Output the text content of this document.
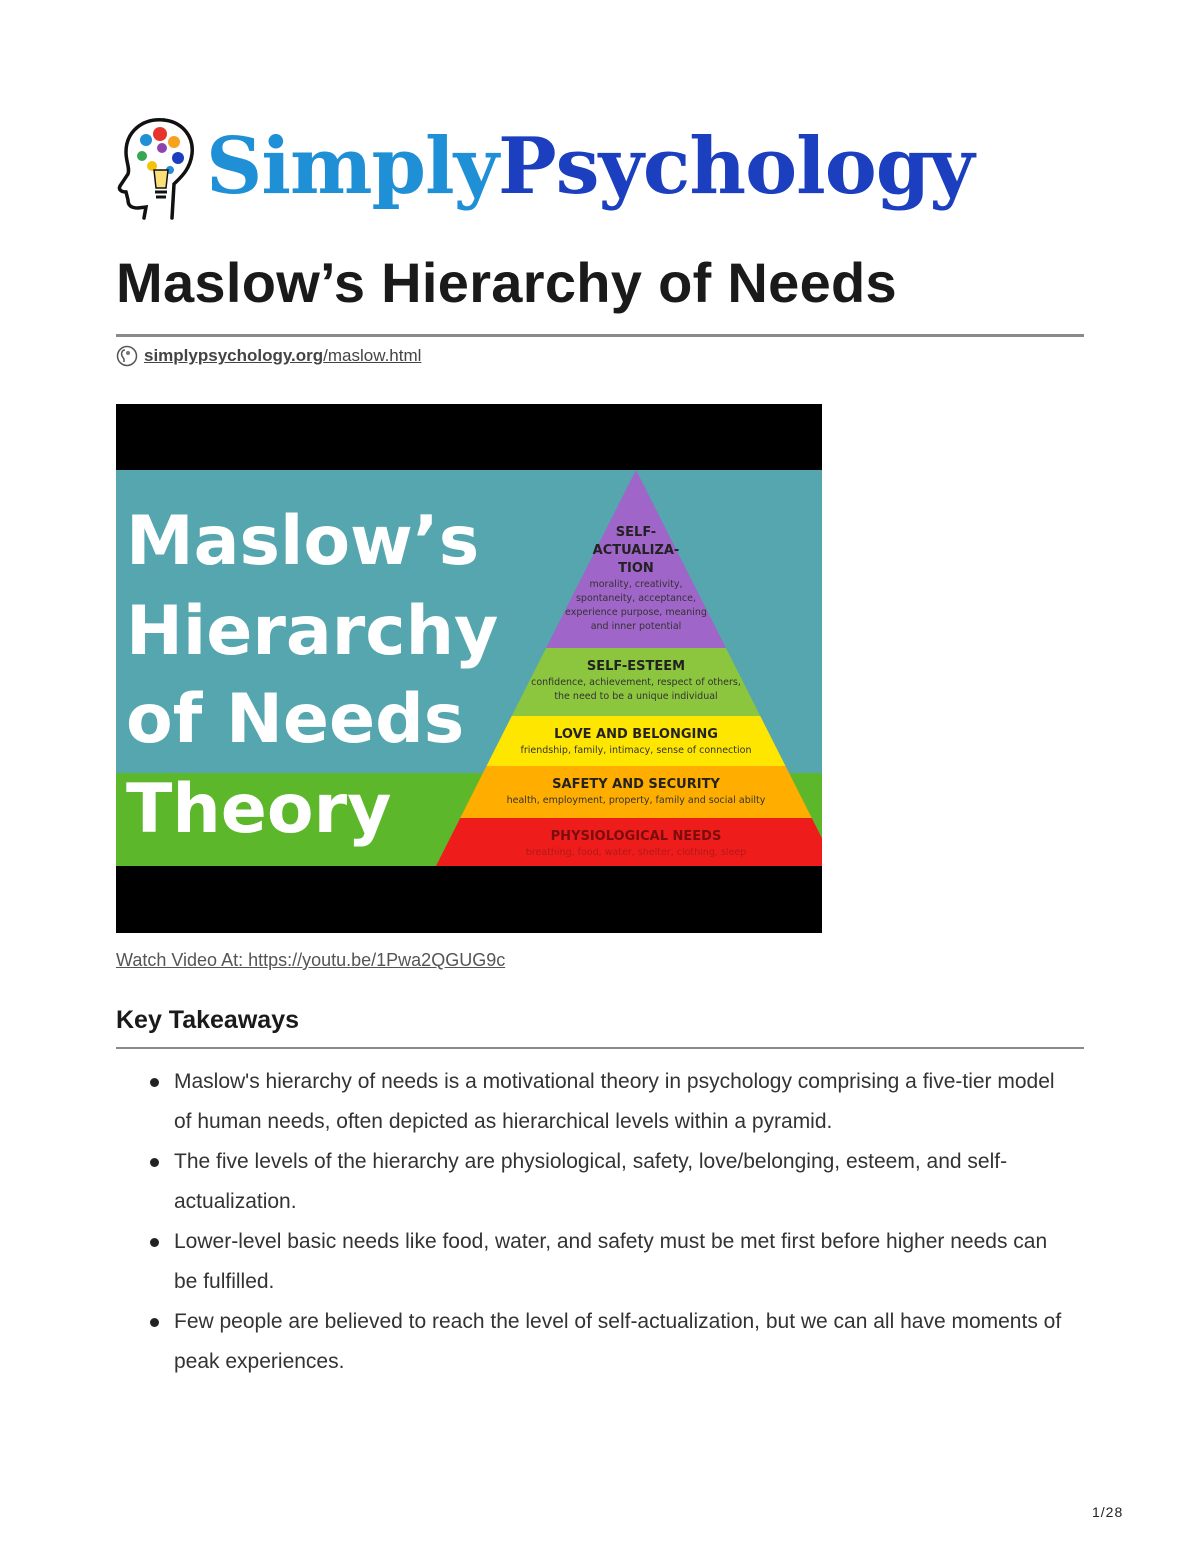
SimplyPsychology
Maslow’s Hierarchy of Needs
simplypsychology.org/maslow.html
Maslow’s
Hierarchy
of Needs
Theory
SELF-
ACTUALIZA-
TION
morality, creativity,
spontaneity, acceptance,
experience purpose, meaning
and inner potential
SELF-ESTEEM
confidence, achievement, respect of others,
the need to be a unique individual
LOVE AND BELONGING
friendship, family, intimacy, sense of connection
SAFETY AND SECURITY
health, employment, property, family and social abilty
PHYSIOLOGICAL NEEDS
breathing, food, water, shelter, clothing, sleep
Watch Video At: https://youtu.be/1Pwa2QGUG9c
Key Takeaways
Maslow's hierarchy of needs is a motivational theory in psychology comprising a five-tier model of human needs, often depicted as hierarchical levels within a pyramid.
The five levels of the hierarchy are physiological, safety, love/belonging, esteem, and self-actualization.
Lower-level basic needs like food, water, and safety must be met first before higher needs can be fulfilled.
Few people are believed to reach the level of self-actualization, but we can all have moments of peak experiences.
1/28
